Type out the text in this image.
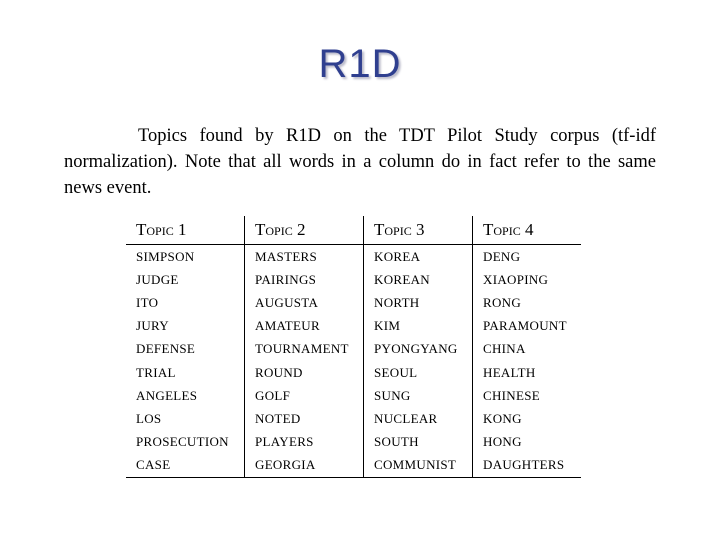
R1D
Topics found by R1D on the TDT Pilot Study corpus (tf-idf normalization). Note that all words in a column do in fact refer to the same news event.
Topic 1	Topic 2	Topic 3	Topic 4
SIMPSON	MASTERS	KOREA	DENG
JUDGE	PAIRINGS	KOREAN	XIAOPING
ITO	AUGUSTA	NORTH	RONG
JURY	AMATEUR	KIM	PARAMOUNT
DEFENSE	TOURNAMENT	PYONGYANG	CHINA
TRIAL	ROUND	SEOUL	HEALTH
ANGELES	GOLF	SUNG	CHINESE
LOS	NOTED	NUCLEAR	KONG
PROSECUTION	PLAYERS	SOUTH	HONG
CASE	GEORGIA	COMMUNIST	DAUGHTERS
